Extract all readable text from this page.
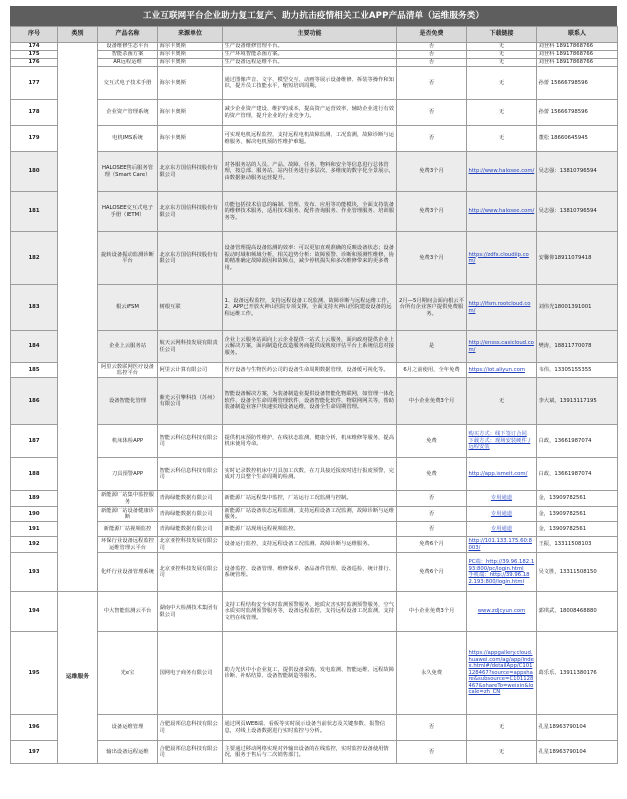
工业互联网平台企业助力复工复产、助力抗击疫情相关工业APP产品清单（运维服务类）
序号	类别	产品名称	来源单位	主要功能	是否免费	下载链接	联系人
174		设备维修生态平台	海尔卡奥斯	生产设备维修管理平台。	否	无	刘登科 18917868766
175		智能杀菌方案	海尔卡奥斯	生产环境智能杀菌方案。	否	无	刘登科 18917868766
176		AR远程运维	海尔卡奥斯	生产设备远程运维平台。	否	无	刘登科 18917868766
177		交互式电子技术手册	海尔卡奥斯	通过图像声音、文字、模型交互、动画等展示设备维修、拆装等操作和知识，提升员工技能水平，缩短培训周期。	否	无	孙蕾 15666798596
178		企业资产管理系统	海尔卡奥斯	减少企业资产建设、维护的成本，提高资产运营效率，辅助企业进行有效的资产管理，提升企业的行业竞争力。	否	无	孙蕾 15666798596
179		电机IMS系统	海尔卡奥斯	可实现电机远程监控，支持远程电机故障监测、工况监测，故障诊断与运维服务，解决电机预防性维护难题。	否	无	董松 18660645945
180		HALOSEE售后服务管理（Smart Care）	北京东方国信科技股份有限公司	对各服务站的人员、产品、故障、任务、物料和安全等信息进行总体管理，按总部、服务站、站内任务进行多层次、多维度的数字化全景展示，由数据驱动服务运营提升。	免费3个月	http://www.halosee.com/	吴志强：13810796594
181		HALOSEE交互式电子手册（IETM）	北京东方国信科技股份有限公司	功能包括技术信息的编制、管理、发布、应用等功能模块，全面支持装备的维修技术服务，适用技术服务、配件查询服务、作业管理服务、培训服务等。	免费3个月	http://www.halosee.com/	吴志强：13810796594
182		旋转设备振动监测诊断平台	北京东方国信科技股份有限公司	设备管理提高设备监测的效率：可以更加直观准确的反映设备状态；设备振动时域和频域分析，相关趋势分析：故障预警、诊断和预测性维修，协助精准确定故障源因和故障点，减少停机损失和多次维修带来的更多费用。	免费3个月	https://zdfx.cloudiip.com/	安馨仰18911079418
183		根云iFSM	树根互联	1、设备远程监控，支持远程设备工况监测、故障诊断与远程运维工作。 2、APP已开放火神山医院专项支撑，全面支持火神山医院建设设备的远程运维工作。	2月—5月期间会面向根云平台所有企业客户提供免费服务。	http://ifsm.rootcloud.com/	刘伟光18001391001
184		企业上云服务站	航天云网科技发展有限责任公司	企业上云服务站面向上云企业提供一站式上云服务，面向政府提供企业上云解决方案，面向制造化改造服务商提供成熟度评估平台上系统信息对接服务。	是	http://ensss.casicloud.com/	樊涛，18811770078
185		阿里云数联网医疗设备监控平台	阿里云计算有限公司	医疗设备与生物医药公司的设备生命周期数据管理，设备缓可视化等。	6月之前使用，全年免费	https://iot.aliyun.com	韦伟，13305155355
186		设备智能化管理	紫光云引擎科技（苏州）有限公司	智能设备解决方案，为装备制造业提供设备智能化物联网，如管理一体化软件、设备全生命周期管理软件、设备智能化软件、物联网网关等，帮助装备制造业客户快速实现设备运维，设备全生命周期管理。	中小企业免费3个月	无	李大斌，13913117195
187		机床体检APP	智能云科信息科技有限公司	提供机床预防性维护，在线状态监测，健康分析，机床维修等服务，提高机床使用寿命。	免费	购买方式：线下签订合同
下载方式：现场安装硬件 / 远程安装	白政，13661987074
188		刀具预警APP	智能云科信息科技有限公司	实时记录数控机床中刀具加工次数，在刀具接近报废时进行报废预警，完成对刀具整个生命周期的检测。	免费	http://app.ismeit.com/	白政，13661987074
189		新能源厂站集中监控服务	青海绿能数据有限公司	新能源厂站远程集中监控，厂站运行工况监测与控制。	否	专用通道	金，13909782561
190		新能源厂站设备健康诊断	青海绿能数据有限公司	新能源厂站设备状态远程监测，支持远程设备工况监测，故障诊断与运维服务。	否	专用通道	金，13909782561
191		新能源厂站视频监控	青海绿能数据有限公司	新能源厂站现场远程视频监控。	否	专用通道	金，13909782561
192		环保行业设备远程监控运维管理云平台	北京亚控科技发展有限公司	设备运行监控，支持远程设备工况监测、故障诊断与运维服务。	免费6个月	http://101.133.175.60:8003/	王振，13311508103
193		化纤行业设备管理系统	北京亚控科技发展有限公司	设备监控、设备管理、维修保养、备品备件管理、设备巡检、统计排行、系统管理。	免费6个月	PC端：http://39.96.182.193:800/pc/login.html
手机端：http://39.96.182.193:800/login.html	吴文胜，13311508150
194	运维服务	中大智能监测云平台	湖南中大检测技术集团有限公司	支持工程结构安全实时监测预警服务，地质灾害实时监测预警服务，空气水质实时监测预警服务等，设备远程监控，支持远程设备工况监测，支持文档在线管理。	中小企业免费3个月	www.zdjcyun.com	郭琪武，18008468880
195		光e宝	国网电子商务有限公司	助力光伏中小企业复工，提供设备采购、发电监测、智能运维、远程故障诊断、补贴结算、设备智能制造等服务。	永久免费	https://appgallery.cloud.huawei.com/ag/app/index.html#/detailApp/C101128467?source=appshare&subsource=C101128467&shareTo=weixin&locale=zh_CN	葛乐乐，13911380176
196		设备运维管理	合肥晨邦信息科技有限公司	通过网页WEB端、看板等实时展示设备当前状态及关键参数、报警信息，对线上设备数据进行实时监控与分析。	否	无	孔星18963790104
197		输出设备远程运维	合肥晨邦信息科技有限公司	主要通过移动网络实现对外输出设备的在线监控，实时监控设备使用情况，服务于售后与二次销售部门。	否	无	孔星18963790104
